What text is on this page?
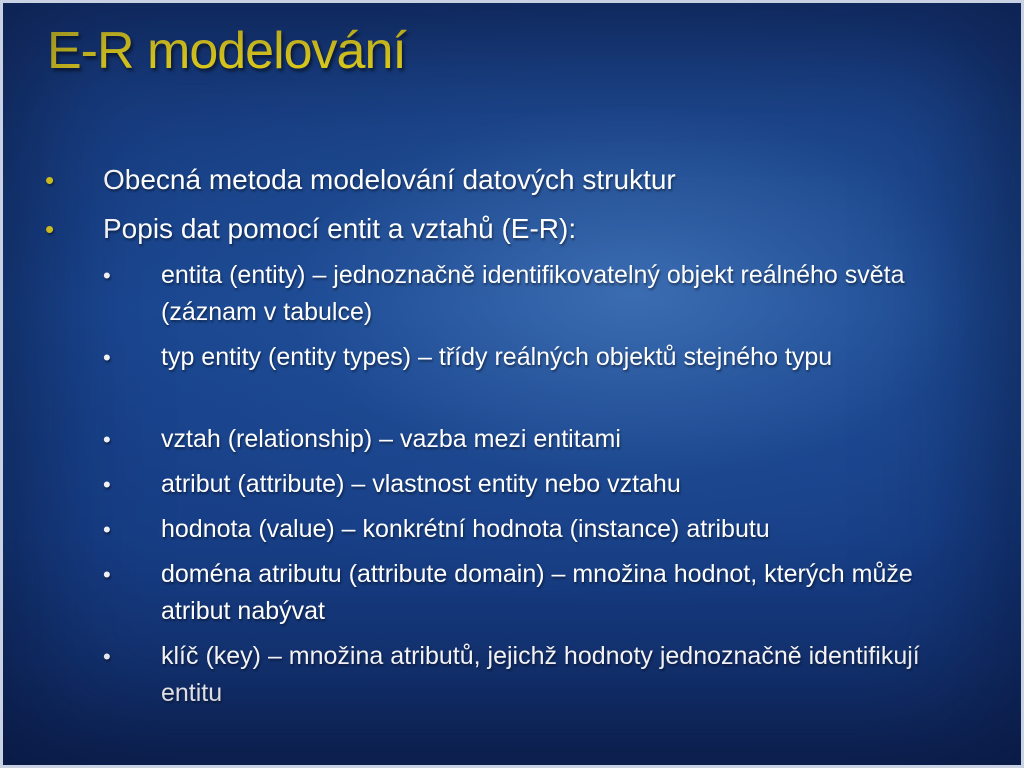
E-R modelování
• Obecná metoda modelování datových struktur
• Popis dat pomocí entit a vztahů (E-R):
• entita (entity) – jednoznačně identifikovatelný objekt reálného světa (záznam v tabulce)
• typ entity (entity types) – třídy reálných objektů stejného typu
• vztah (relationship) – vazba mezi entitami
• atribut (attribute) – vlastnost entity nebo vztahu
• hodnota (value) – konkrétní hodnota (instance) atributu
• doména atributu (attribute domain) – množina hodnot, kterých může atribut nabývat
• klíč (key) – množina atributů, jejichž hodnoty jednoznačně identifikují entitu
